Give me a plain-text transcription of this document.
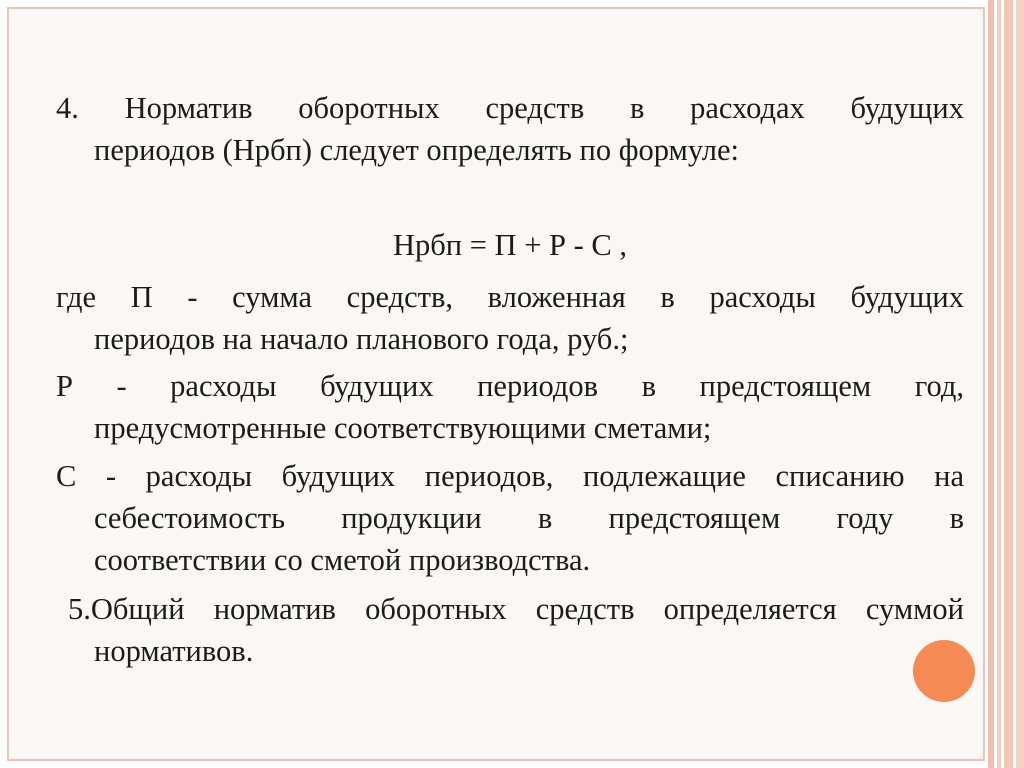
4. Норматив оборотных средств в расходах будущих
периодов (Нрбп) следует определять по формуле:
Нрбп = П + Р - С ,
где П - сумма средств, вложенная в расходы будущих
периодов на начало планового года, руб.;
Р - расходы будущих периодов в предстоящем год,
предусмотренные соответствующими сметами;
С - расходы будущих периодов, подлежащие списанию на
себестоимость продукции в предстоящем году в
соответствии со сметой производства.
5.Общий норматив оборотных средств определяется суммой
нормативов.
